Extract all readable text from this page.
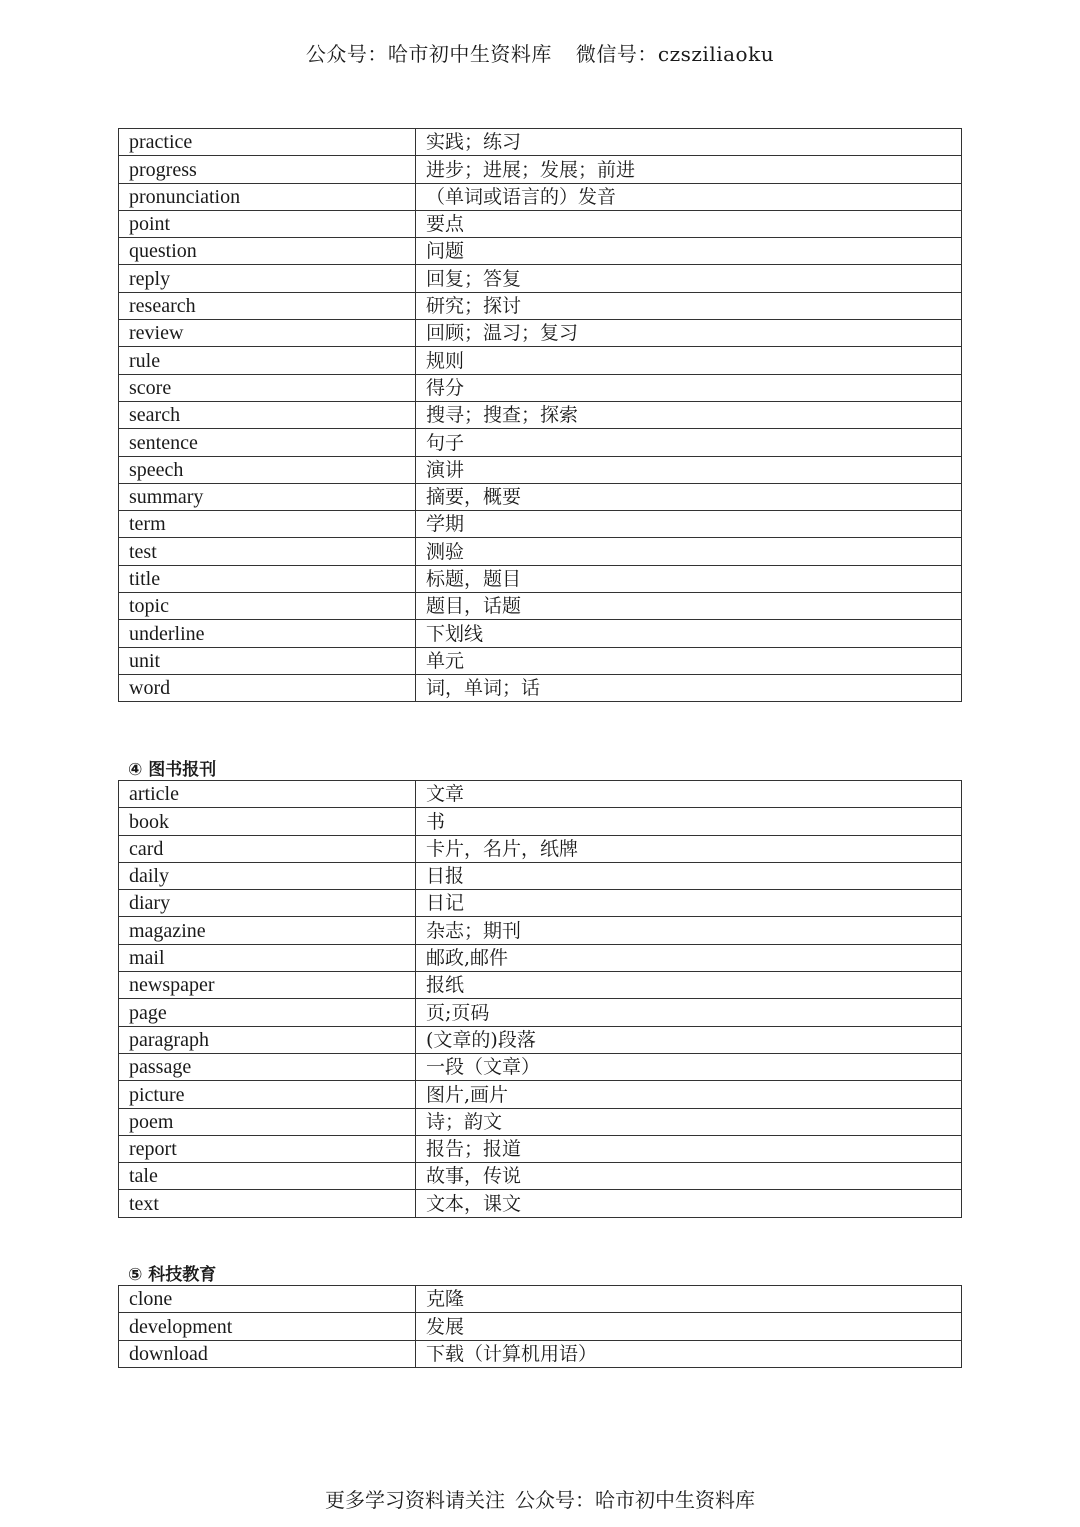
公众号：哈市初中生资料库 微信号：czsziliaoku
practice	实践；练习
progress	进步；进展；发展；前进
pronunciation	（单词或语言的）发音
point	要点
question	问题
reply	回复；答复
research	研究；探讨
review	回顾；温习；复习
rule	规则
score	得分
search	搜寻；搜查；探索
sentence	句子
speech	演讲
summary	摘要，概要
term	学期
test	测验
title	标题，题目
topic	题目，话题
underline	下划线
unit	单元
word	词，单词；话
④ 图书报刊
article	文章
book	书
card	卡片，名片，纸牌
daily	日报
diary	日记
magazine	杂志；期刊
mail	邮政,邮件
newspaper	报纸
page	页;页码
paragraph	(文章的)段落
passage	一段（文章）
picture	图片,画片
poem	诗；韵文
report	报告；报道
tale	故事，传说
text	文本，课文
⑤ 科技教育
clone	克隆
development	发展
download	下载（计算机用语）
更多学习资料请关注 公众号：哈市初中生资料库
